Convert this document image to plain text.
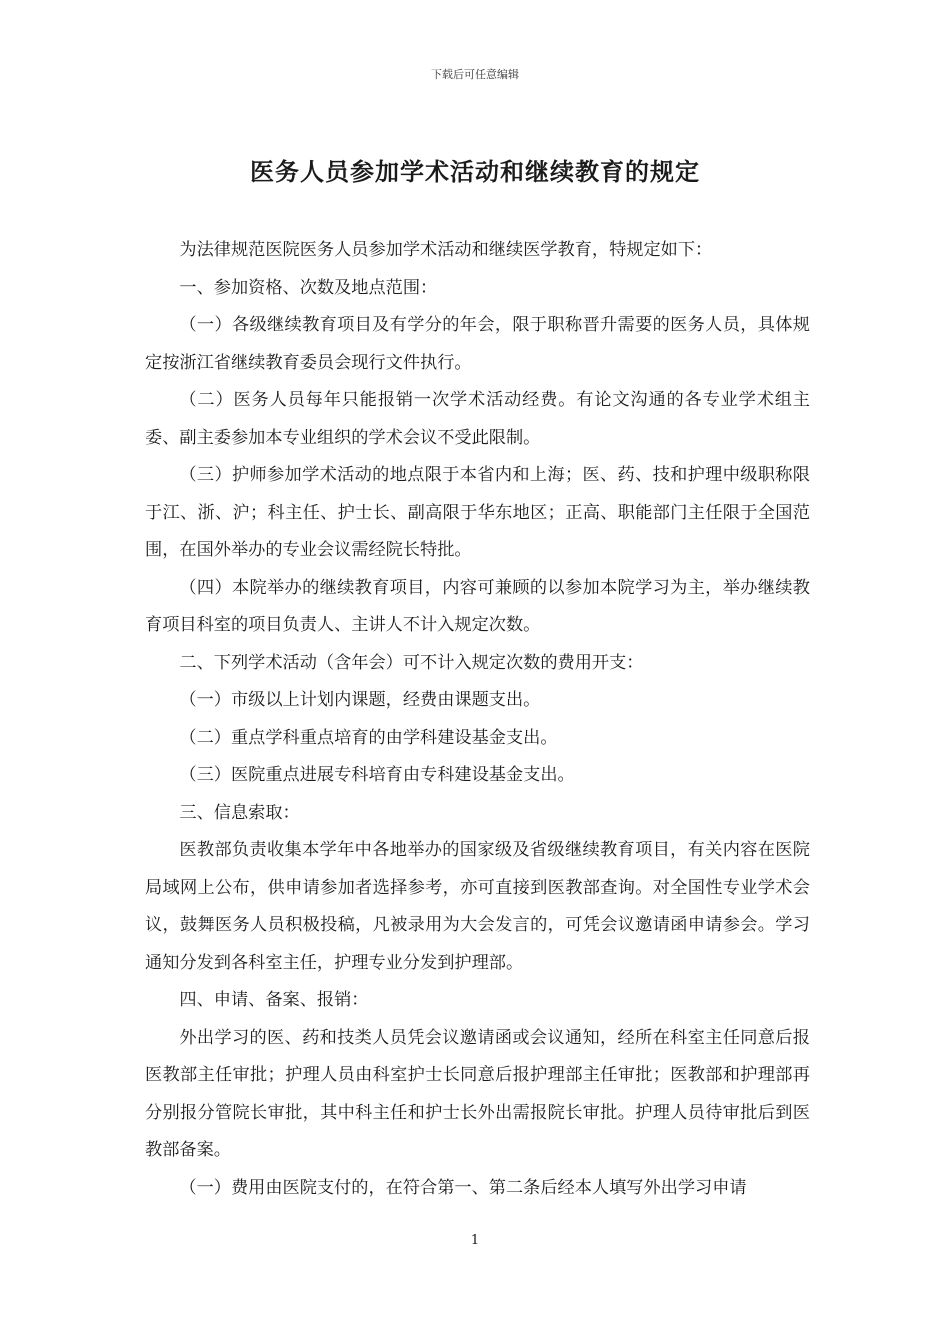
下载后可任意编辑
医务人员参加学术活动和继续教育的规定

为法律规范医院医务人员参加学术活动和继续医学教育，特规定如下：

一、参加资格、次数及地点范围：

（一）各级继续教育项目及有学分的年会，限于职称晋升需要的医务人员，具体规定按浙江省继续教育委员会现行文件执行。

（二）医务人员每年只能报销一次学术活动经费。有论文沟通的各专业学术组主委、副主委参加本专业组织的学术会议不受此限制。

（三）护师参加学术活动的地点限于本省内和上海；医、药、技和护理中级职称限于江、浙、沪；科主任、护士长、副高限于华东地区；正高、职能部门主任限于全国范围，在国外举办的专业会议需经院长特批。

（四）本院举办的继续教育项目，内容可兼顾的以参加本院学习为主，举办继续教育项目科室的项目负责人、主讲人不计入规定次数。

二、下列学术活动（含年会）可不计入规定次数的费用开支：

（一）市级以上计划内课题，经费由课题支出。

（二）重点学科重点培育的由学科建设基金支出。

（三）医院重点进展专科培育由专科建设基金支出。

三、信息索取：

医教部负责收集本学年中各地举办的国家级及省级继续教育项目，有关内容在医院局域网上公布，供申请参加者选择参考，亦可直接到医教部查询。对全国性专业学术会议，鼓舞医务人员积极投稿，凡被录用为大会发言的，可凭会议邀请函申请参会。学习通知分发到各科室主任，护理专业分发到护理部。

四、申请、备案、报销：

外出学习的医、药和技类人员凭会议邀请函或会议通知，经所在科室主任同意后报医教部主任审批；护理人员由科室护士长同意后报护理部主任审批；医教部和护理部再分别报分管院长审批，其中科主任和护士长外出需报院长审批。护理人员待审批后到医教部备案。

（一）费用由医院支付的，在符合第一、第二条后经本人填写外出学习申请

1
